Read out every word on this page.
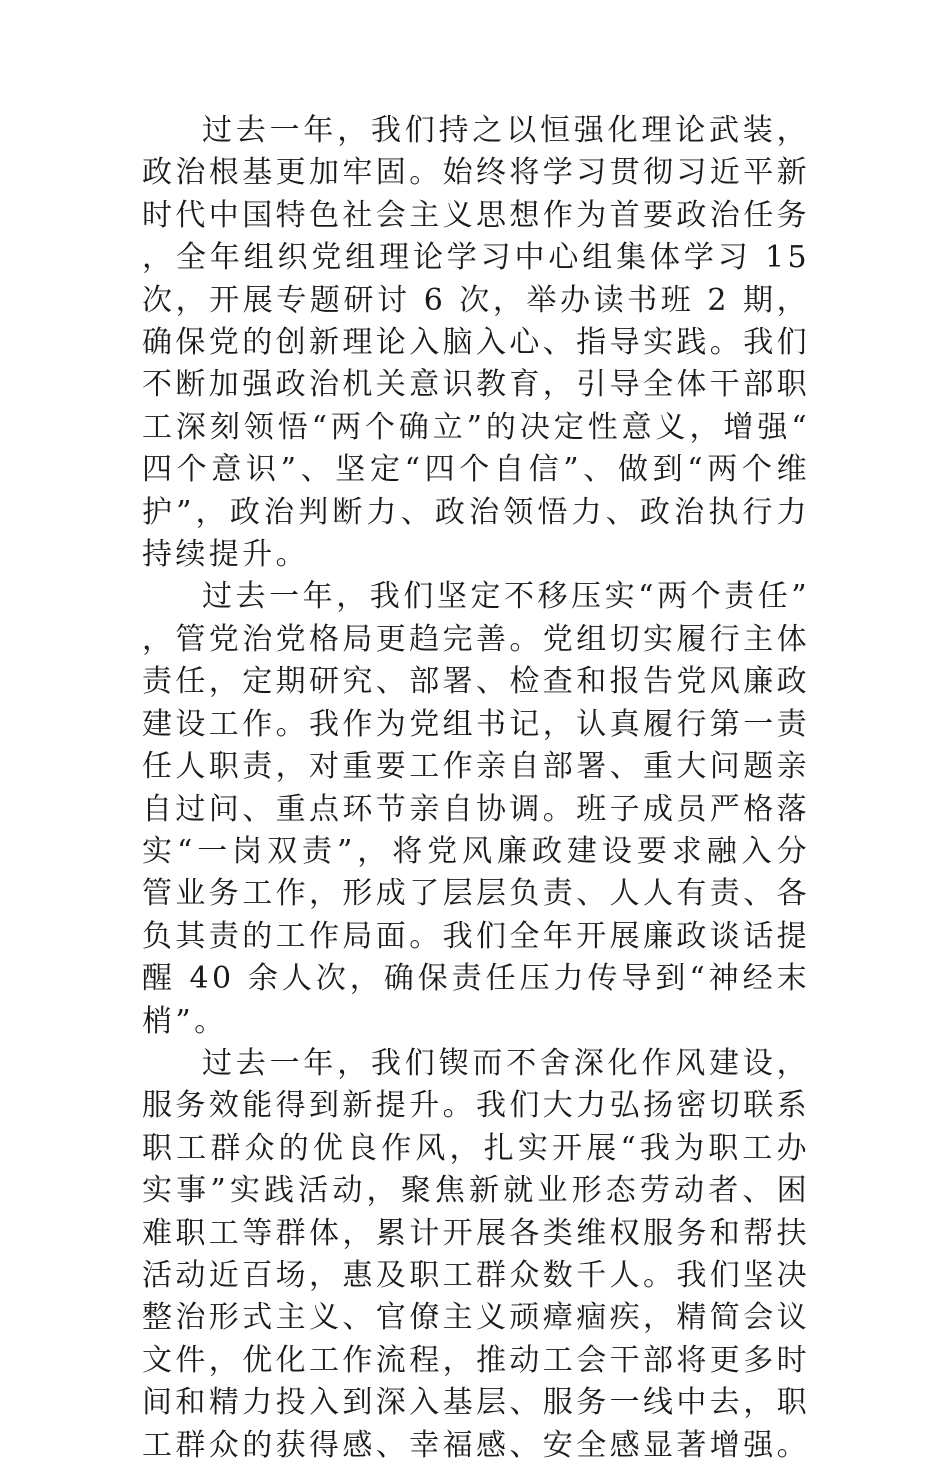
过去一年，我们持之以恒强化理论武装，政治根基更加牢固。始终将学习贯彻习近平新时代中国特色社会主义思想作为首要政治任务，全年组织党组理论学习中心组集体学习 15 次，开展专题研讨 6 次，举办读书班 2 期，确保党的创新理论入脑入心、指导实践。我们不断加强政治机关意识教育，引导全体干部职工深刻领悟“两个确立”的决定性意义，增强“四个意识”、坚定“四个自信”、做到“两个维护”，政治判断力、政治领悟力、政治执行力持续提升。

过去一年，我们坚定不移压实“两个责任”，管党治党格局更趋完善。党组切实履行主体责任，定期研究、部署、检查和报告党风廉政建设工作。我作为党组书记，认真履行第一责任人职责，对重要工作亲自部署、重大问题亲自过问、重点环节亲自协调。班子成员严格落实“一岗双责”，将党风廉政建设要求融入分管业务工作，形成了层层负责、人人有责、各负其责的工作局面。我们全年开展廉政谈话提醒 40 余人次，确保责任压力传导到“神经末梢”。

过去一年，我们锲而不舍深化作风建设，服务效能得到新提升。我们大力弘扬密切联系职工群众的优良作风，扎实开展“我为职工办实事”实践活动，聚焦新就业形态劳动者、困难职工等群体，累计开展各类维权服务和帮扶活动近百场，惠及职工群众数千人。我们坚决整治形式主义、官僚主义顽瘴痼疾，精简会议文件，优化工作流程，推动工会干部将更多时间和精力投入到深入基层、服务一线中去，职工群众的获得感、幸福感、安全感显著增强。
